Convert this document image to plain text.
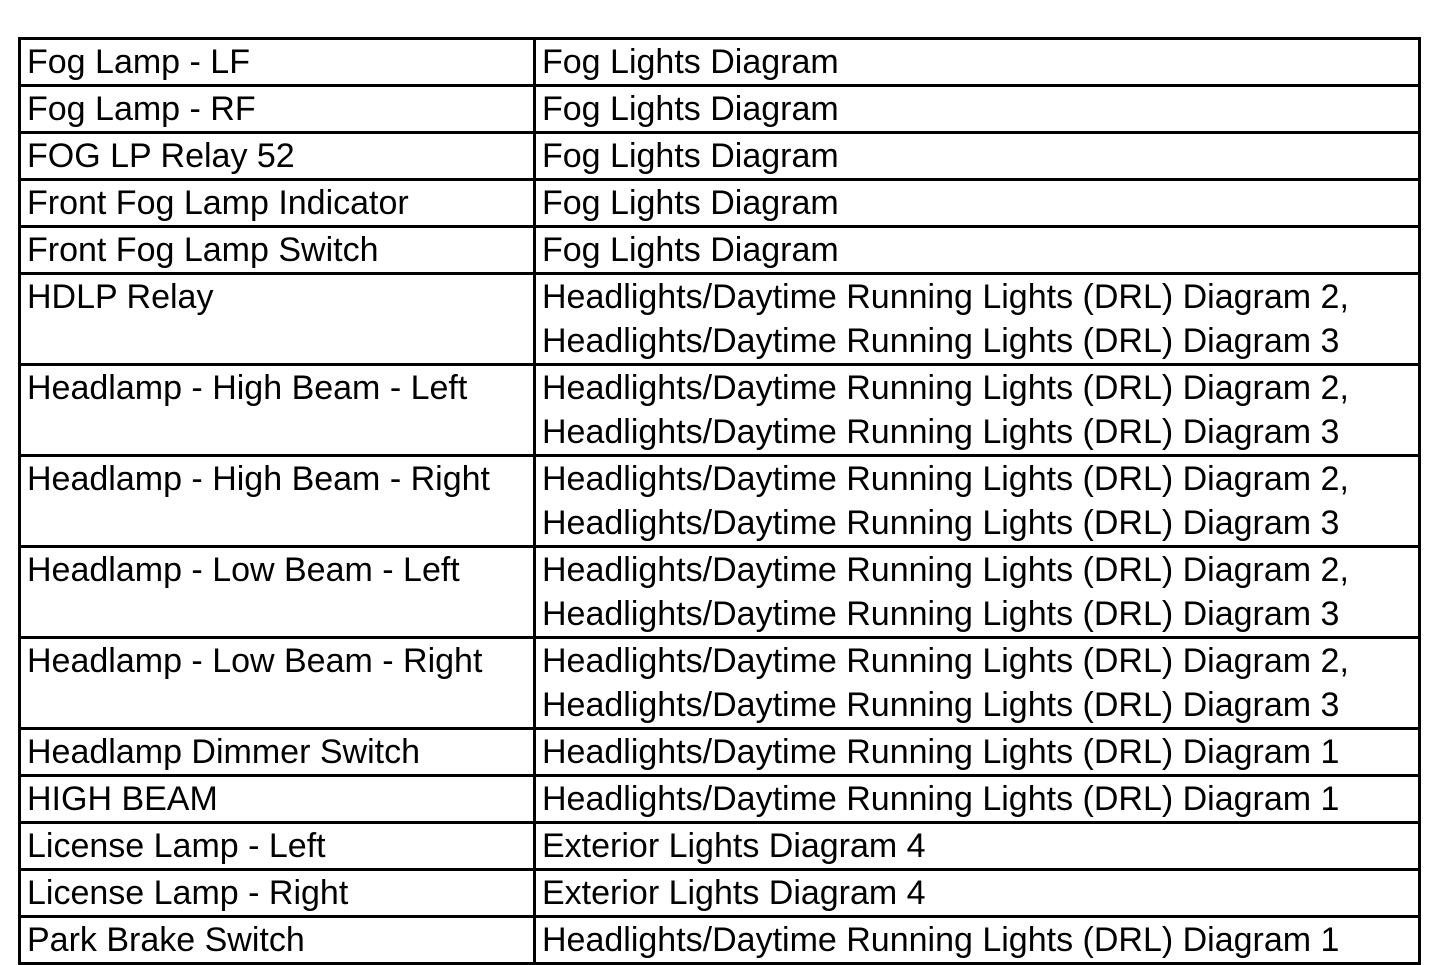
Fog Lamp - LF	Fog Lights Diagram

Fog Lamp - RF	Fog Lights Diagram

FOG LP Relay 52	Fog Lights Diagram

Front Fog Lamp Indicator	Fog Lights Diagram

Front Fog Lamp Switch	Fog Lights Diagram

HDLP Relay	Headlights/Daytime Running Lights (DRL) Diagram 2,
Headlights/Daytime Running Lights (DRL) Diagram 3

Headlamp - High Beam - Left	Headlights/Daytime Running Lights (DRL) Diagram 2,
Headlights/Daytime Running Lights (DRL) Diagram 3

Headlamp - High Beam - Right	Headlights/Daytime Running Lights (DRL) Diagram 2,
Headlights/Daytime Running Lights (DRL) Diagram 3

Headlamp - Low Beam - Left	Headlights/Daytime Running Lights (DRL) Diagram 2,
Headlights/Daytime Running Lights (DRL) Diagram 3

Headlamp - Low Beam - Right	Headlights/Daytime Running Lights (DRL) Diagram 2,
Headlights/Daytime Running Lights (DRL) Diagram 3

Headlamp Dimmer Switch	Headlights/Daytime Running Lights (DRL) Diagram 1

HIGH BEAM	Headlights/Daytime Running Lights (DRL) Diagram 1

License Lamp - Left	Exterior Lights Diagram 4

License Lamp - Right	Exterior Lights Diagram 4

Park Brake Switch	Headlights/Daytime Running Lights (DRL) Diagram 1
